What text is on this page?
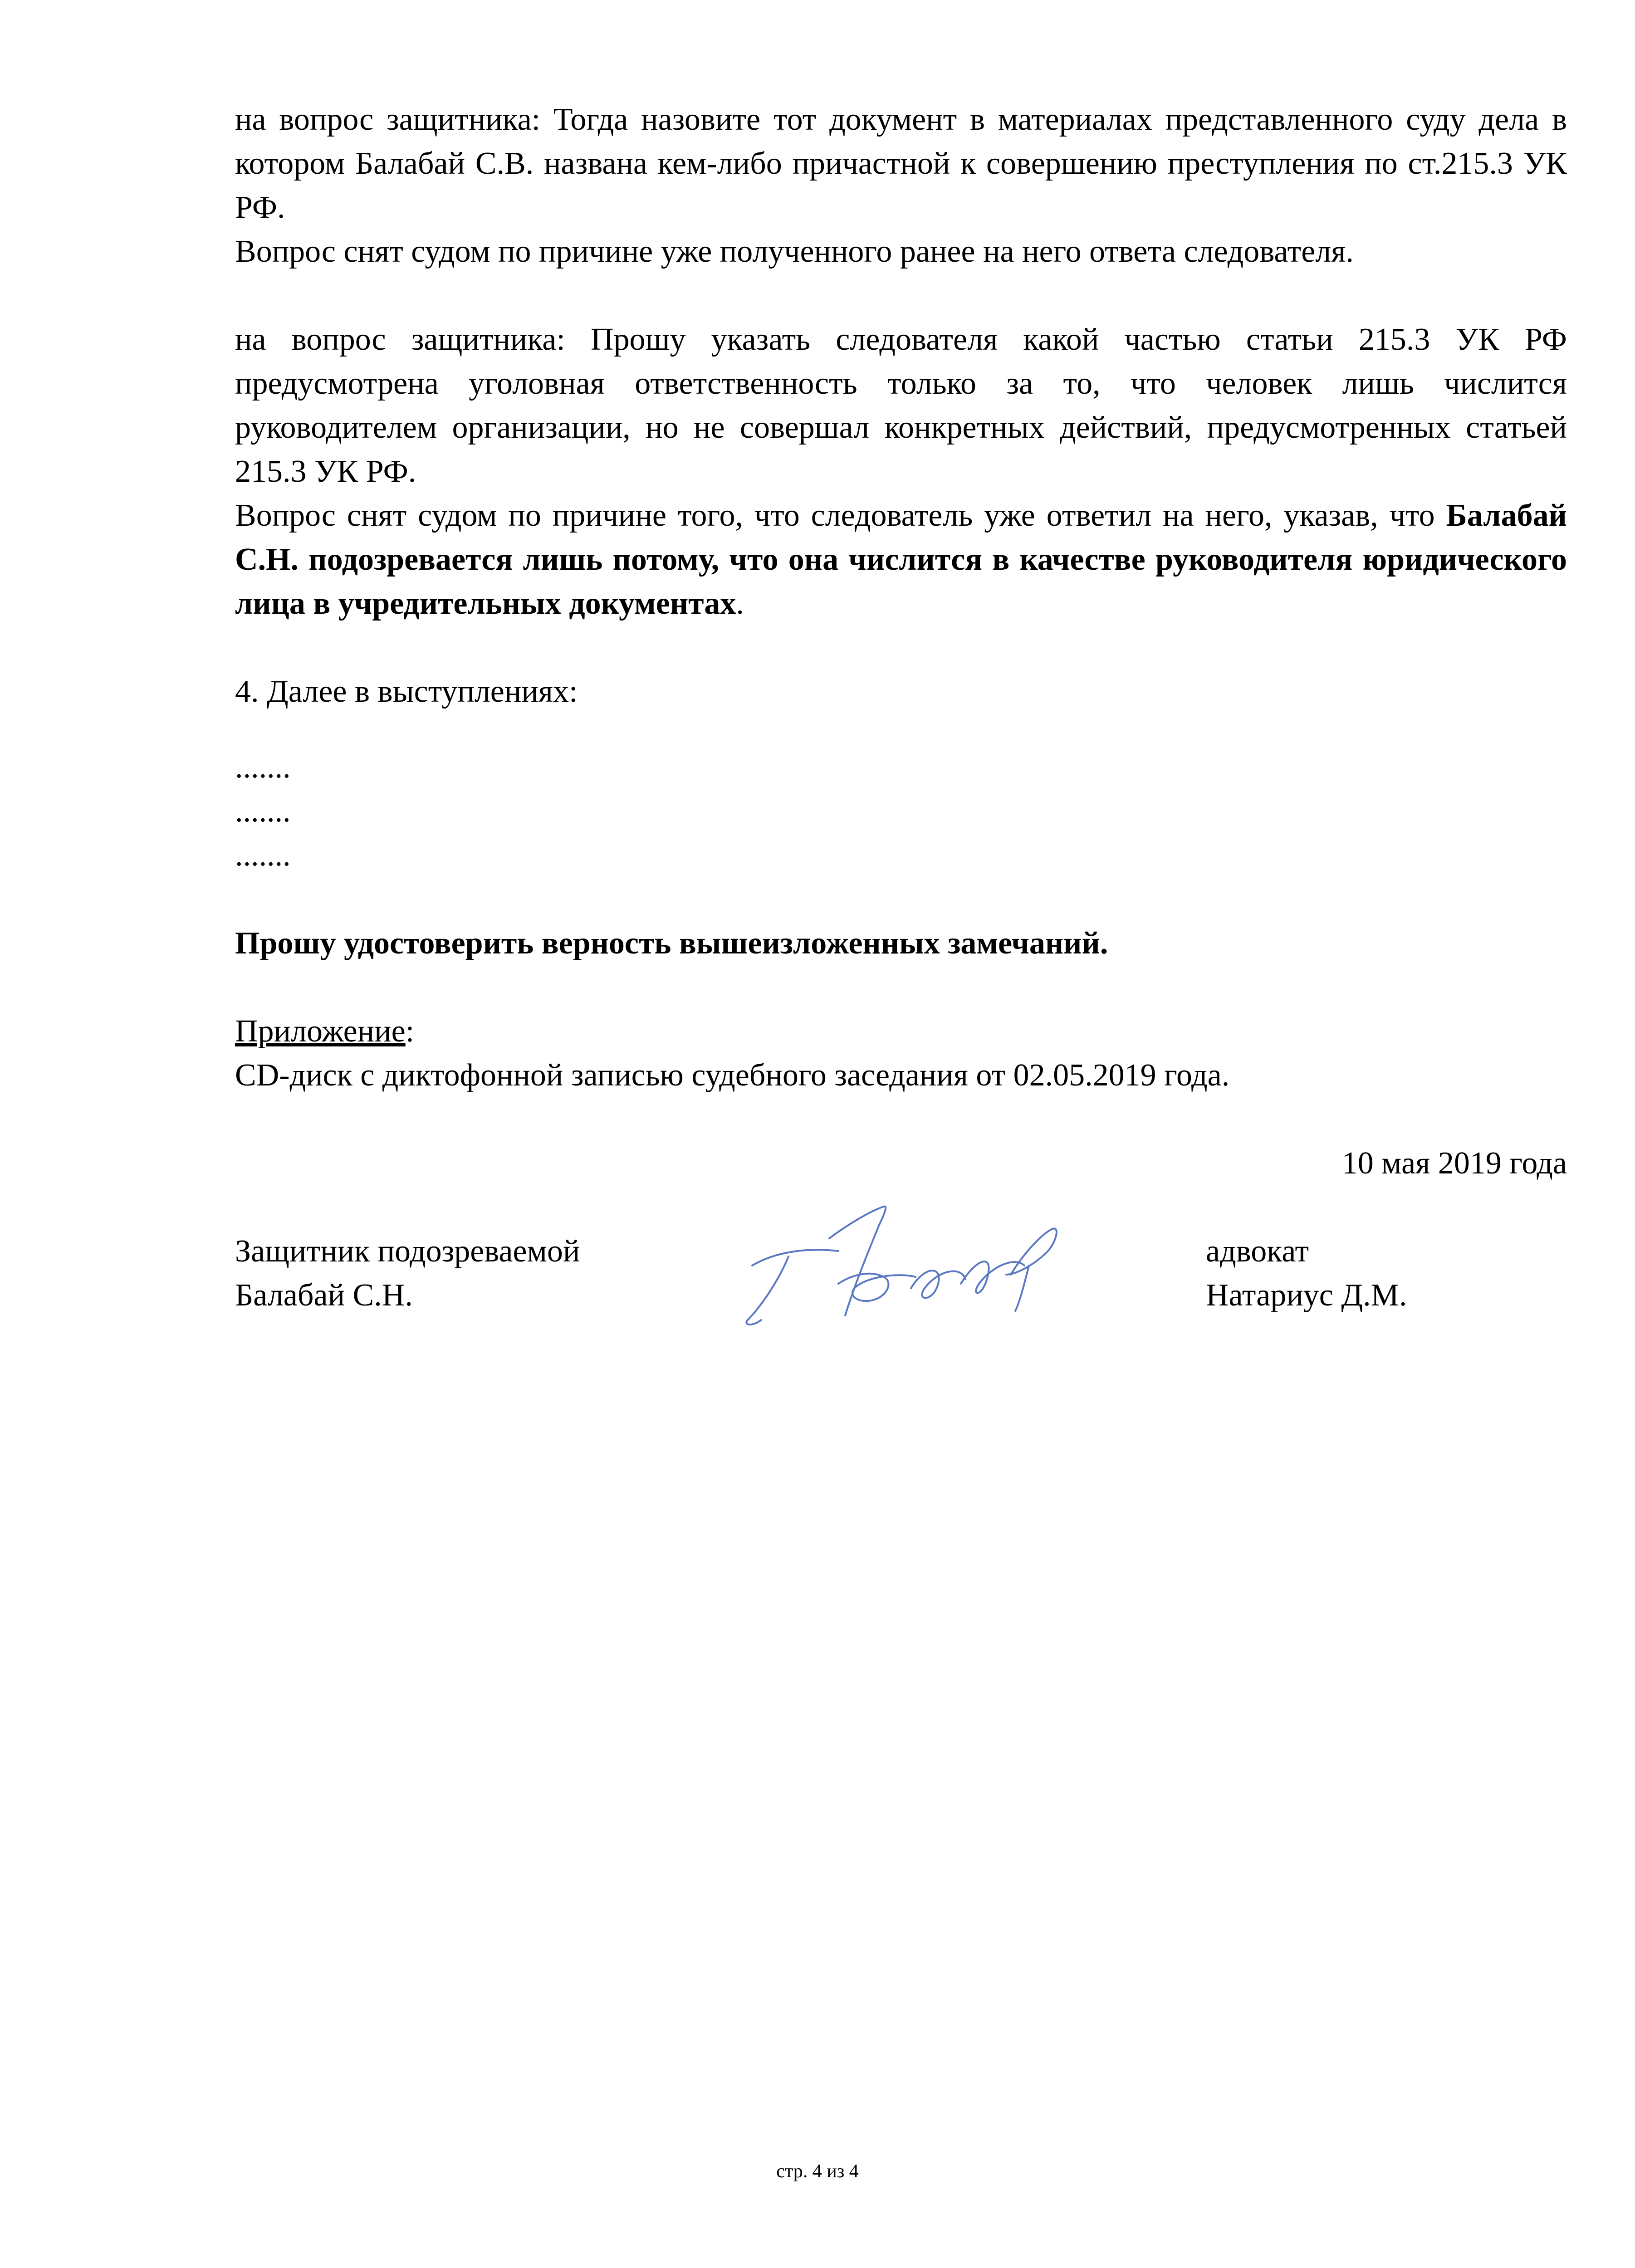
на вопрос защитника: Тогда назовите тот документ в материалах представленного суду дела в котором Балабай С.В. названа кем-либо причастной к совершению преступления по ст.215.3 УК РФ.

Вопрос снят судом по причине уже полученного ранее на него ответа следователя.

на вопрос защитника: Прошу указать следователя какой частью статьи 215.3 УК РФ предусмотрена уголовная ответственность только за то, что человек лишь числится руководителем организации, но не совершал конкретных действий, предусмотренных статьей 215.3 УК РФ.

Вопрос снят судом по причине того, что следователь уже ответил на него, указав, что Балабай С.Н. подозревается лишь потому, что она числится в качестве руководителя юридического лица в учредительных документах.

4. Далее в выступлениях:

.......

.......

.......

Прошу удостоверить верность вышеизложенных замечаний.

Приложение:

CD-диск с диктофонной записью судебного заседания от 02.05.2019 года.

10 мая 2019 года

Защитник подозреваемой
Балабай С.Н.
адвокат
Натариус Д.М.
стр. 4 из 4
